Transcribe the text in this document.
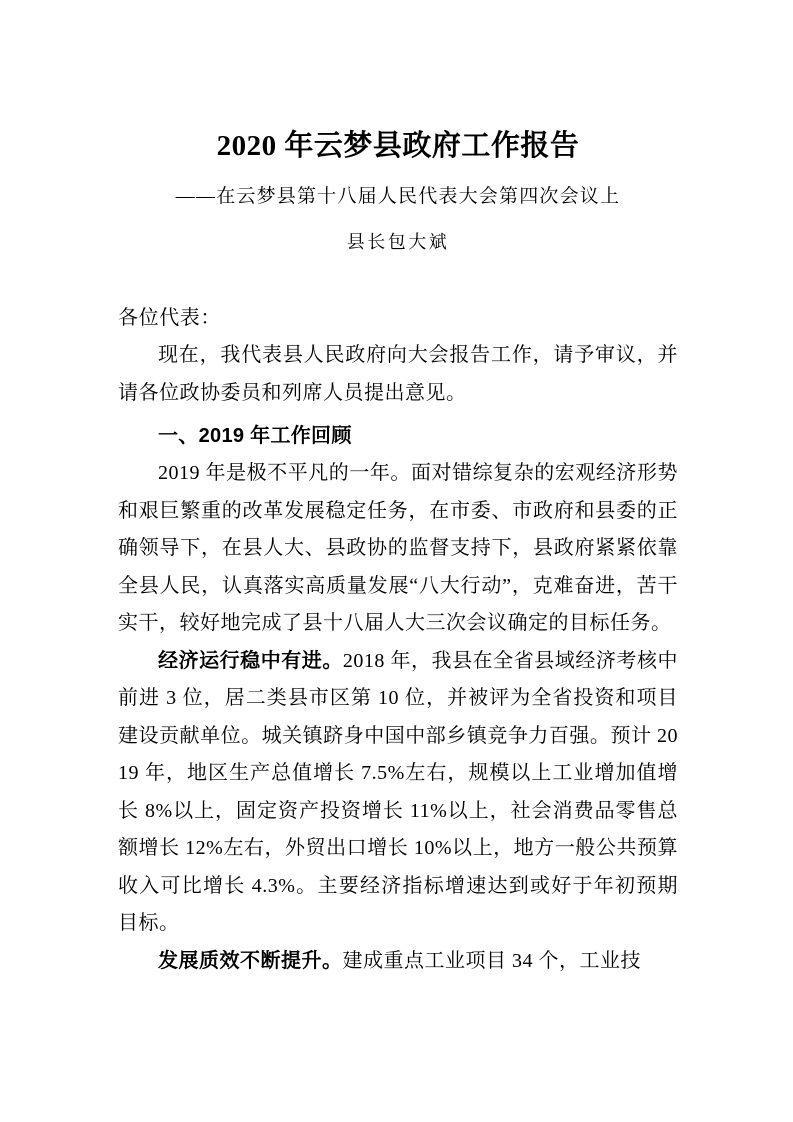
2020 年云梦县政府工作报告
——在云梦县第十八届人民代表大会第四次会议上
县长包大斌
各位代表：

现在，我代表县人民政府向大会报告工作，请予审议，并请各位政协委员和列席人员提出意见。

一、2019 年工作回顾

2019 年是极不平凡的一年。面对错综复杂的宏观经济形势和艰巨繁重的改革发展稳定任务，在市委、市政府和县委的正确领导下，在县人大、县政协的监督支持下，县政府紧紧依靠全县人民，认真落实高质量发展“八大行动”，克难奋进，苦干实干，较好地完成了县十八届人大三次会议确定的目标任务。

经济运行稳中有进。2018 年，我县在全省县域经济考核中前进 3 位，居二类县市区第 10 位，并被评为全省投资和项目建设贡献单位。城关镇跻身中国中部乡镇竞争力百强。预计 2019 年，地区生产总值增长 7.5%左右，规模以上工业增加值增长 8%以上，固定资产投资增长 11%以上，社会消费品零售总额增长 12%左右，外贸出口增长 10%以上，地方一般公共预算收入可比增长 4.3%。主要经济指标增速达到或好于年初预期目标。

发展质效不断提升。建成重点工业项目 34 个，工业技
